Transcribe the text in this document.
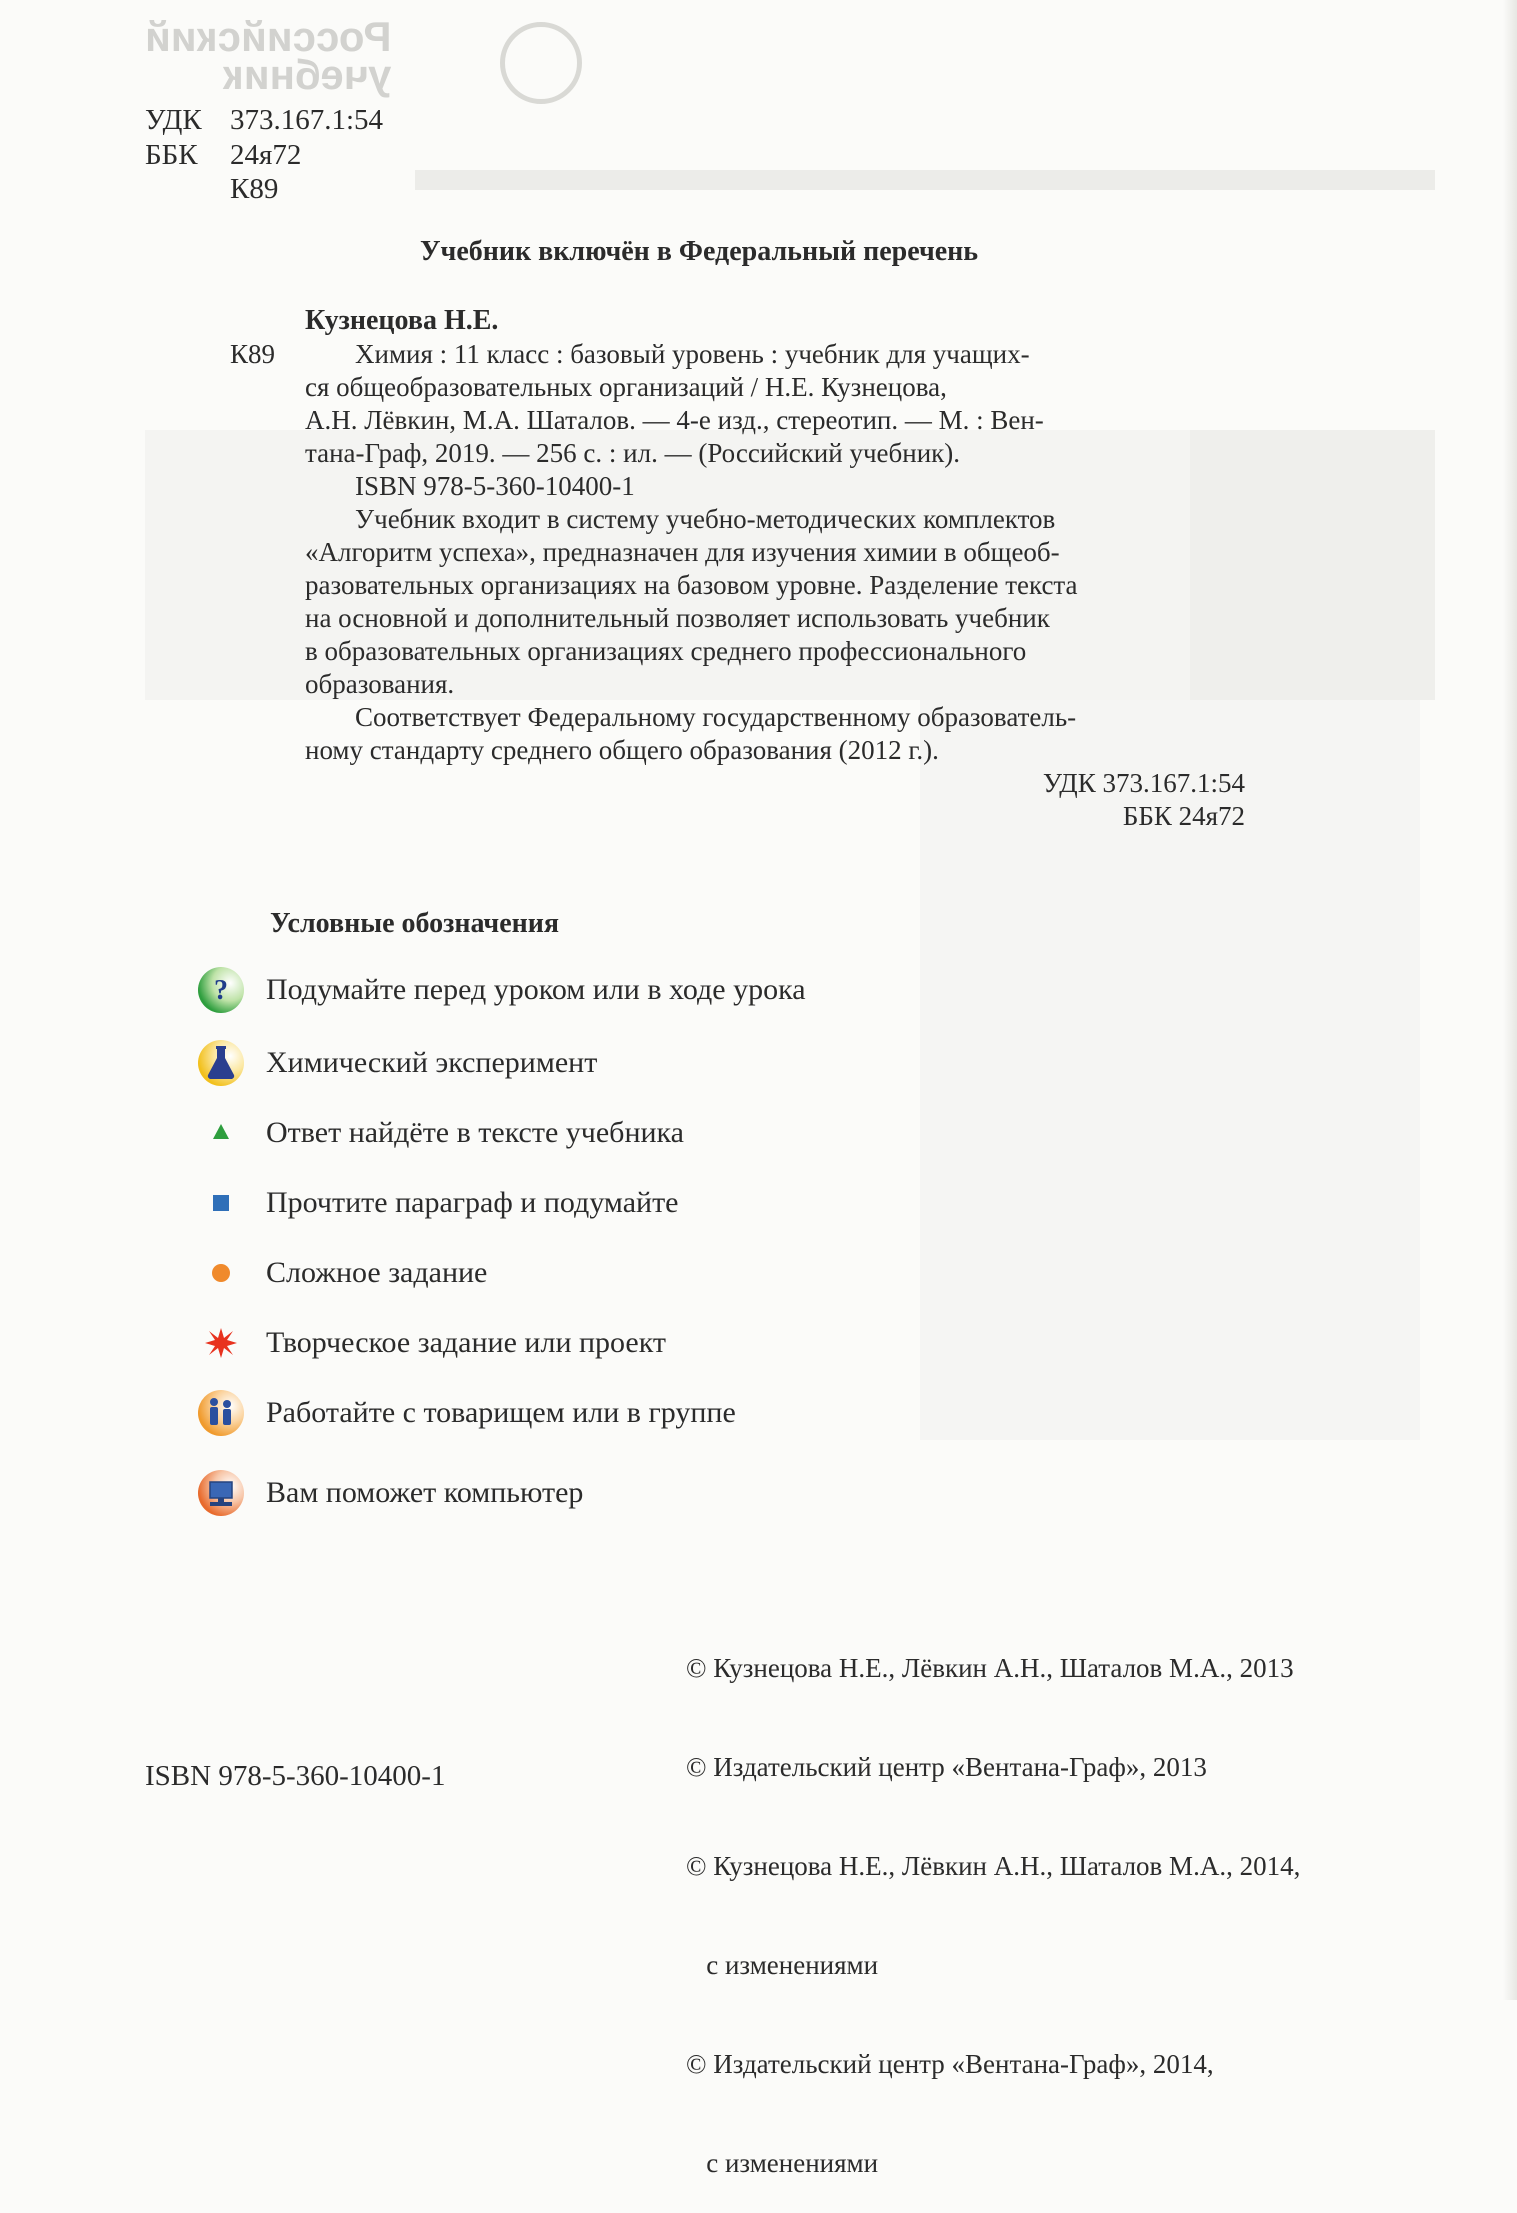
Российский
учебник
УДК 373.167.1:54
ББК 24я72
К89
Учебник включён в Федеральный перечень
Кузнецова Н.Е.
К89	Химия : 11 класс : базовый уровень : учебник для учащих-

ся общеобразовательных организаций / Н.Е. Кузнецова,

А.Н. Лёвкин, М.А. Шаталов. — 4-е изд., стереотип. — М. : Вен-

тана-Граф, 2019. — 256 с. : ил. — (Российский учебник).

ISBN 978-5-360-10400-1

Учебник входит в систему учебно-методических комплектов

«Алгоритм успеха», предназначен для изучения химии в общеоб-

разовательных организациях на базовом уровне. Разделение текста

на основной и дополнительный позволяет использовать учебник

в образовательных организациях среднего профессионального

образования.

Соответствует Федеральному государственному образователь-

ному стандарту среднего общего образования (2012 г.).

УДК 373.167.1:54

ББК 24я72

Условные обозначения
? Подумайте перед уроком или в ходе урока
Химический эксперимент
Ответ найдёте в тексте учебника
Прочтите параграф и подумайте
Сложное задание
Творческое задание или проект
Работайте с товарищем или в группе
Вам поможет компьютер

© Кузнецова Н.Е., Лёвкин А.Н., Шаталов М.А., 2013

© Издательский центр «Вентана-Граф», 2013

© Кузнецова Н.Е., Лёвкин А.Н., Шаталов М.А., 2014,

с изменениями

© Издательский центр «Вентана-Граф», 2014,

с изменениями

ISBN 978-5-360-10400-1
